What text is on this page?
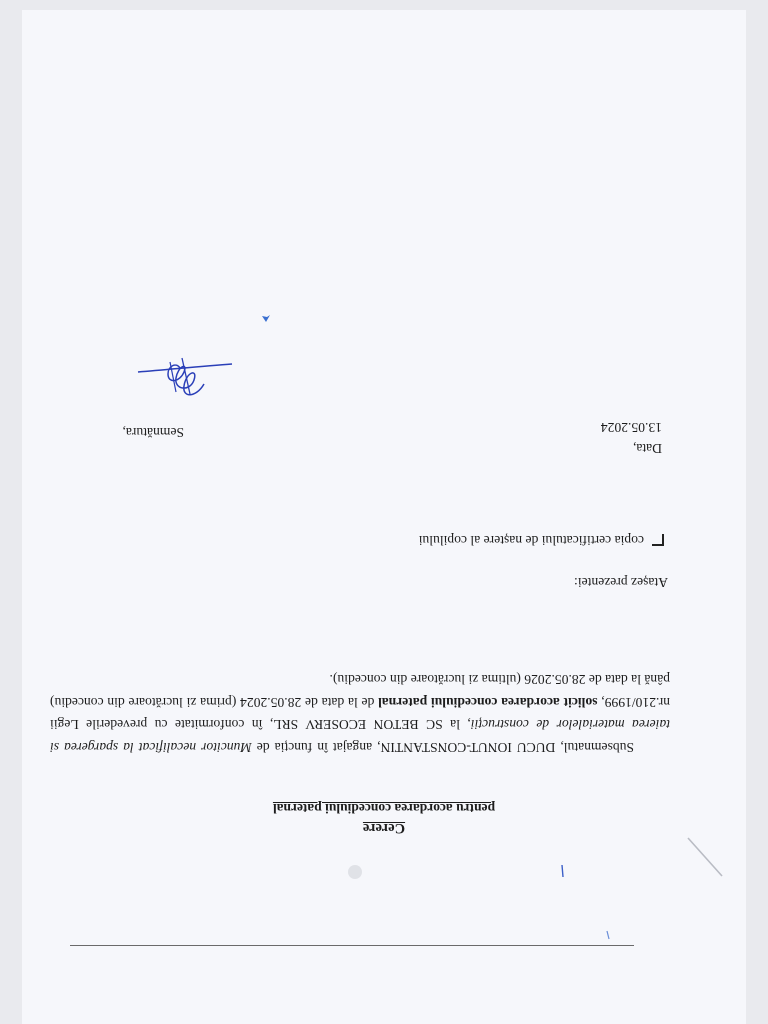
Cerere
pentru acordarea concediului paternal

Subsemnatul, DUCU IONUT-CONSTANTIN, angajat în funcția de Muncitor necalificat la spargerea si taierea materialelor de construcții, la SC BETON ECOSERV SRL, în conformitate cu prevederile Legii nr.210/1999, solicit acordarea concediului paternal de la data de 28.05.2024 (prima zi lucrătoare din concediu) până la data de 28.05.2026 (ultima zi lucrătoare din concediu).

Atașez prezentei:
copia certificatului de naștere al copilului
Data,
13.05.2024
Semnătura,
